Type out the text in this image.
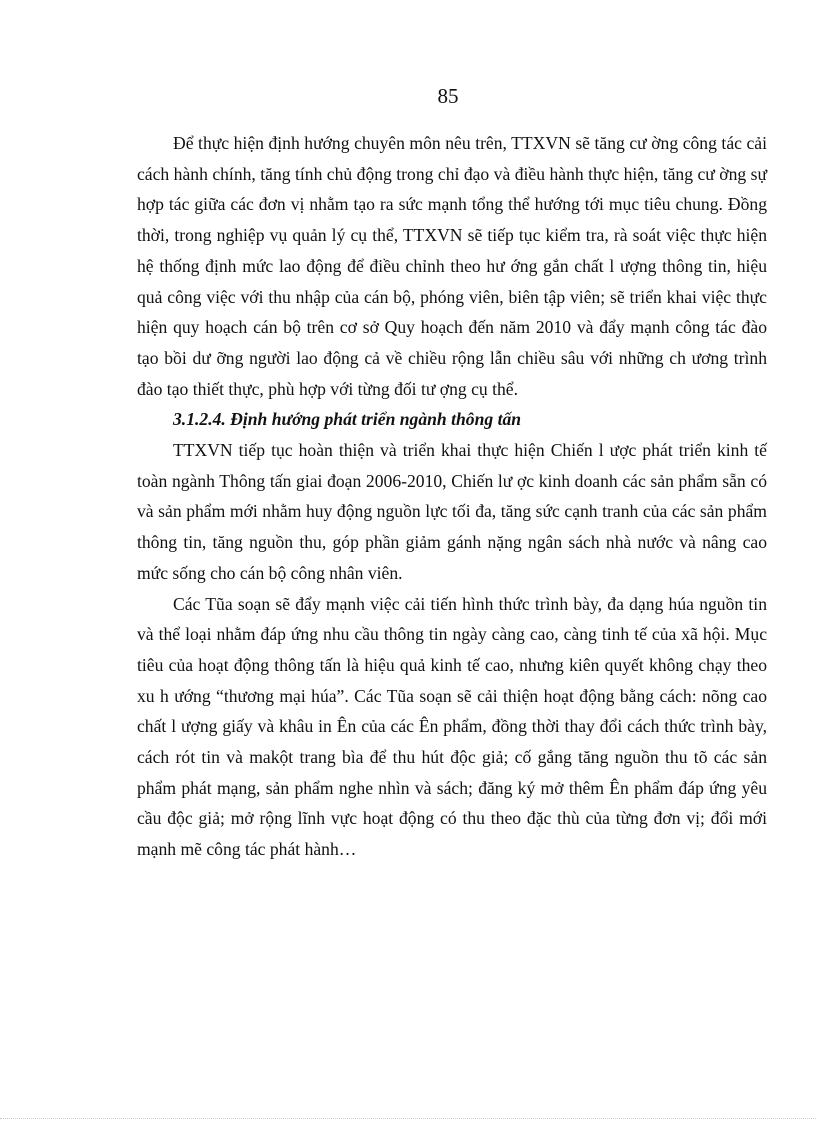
85

Để thực hiện định hướng chuyên môn nêu trên, TTXVN sẽ tăng cư ờng công tác cải cách hành chính, tăng tính chủ động trong chỉ đạo và điều hành thực hiện, tăng cư ờng sự hợp tác giữa các đơn vị nhằm tạo ra sức mạnh tổng thể hướng tới mục tiêu chung. Đồng thời, trong nghiệp vụ quản lý cụ thể, TTXVN sẽ tiếp tục kiểm tra, rà soát việc thực hiện hệ thống định mức lao động để điều chỉnh theo hư ớng gắn chất l ượng thông tin, hiệu quả công việc với thu nhập của cán bộ, phóng viên, biên tập viên; sẽ triển khai việc thực hiện quy hoạch cán bộ trên cơ sở Quy hoạch đến năm 2010 và đẩy mạnh công tác đào tạo bồi dư ỡng người lao động cả về chiều rộng lẫn chiều sâu với những ch ương trình đào tạo thiết thực, phù hợp với từng đối tư ợng cụ thể.

3.1.2.4. Định hướng phát triển ngành thông tấn

TTXVN tiếp tục hoàn thiện và triển khai thực hiện Chiến l ược phát triển kinh tế toàn ngành Thông tấn giai đoạn 2006-2010, Chiến lư ợc kinh doanh các sản phẩm sẵn có và sản phẩm mới nhằm huy động nguồn lực tối đa, tăng sức cạnh tranh của các sản phẩm thông tin, tăng nguồn thu, góp phần giảm gánh nặng ngân sách nhà nước và nâng cao mức sống cho cán bộ công nhân viên.

Các Tũa soạn sẽ đẩy mạnh việc cải tiến hình thức trình bày, đa dạng húa nguồn tin và thể loại nhằm đáp ứng nhu cầu thông tin ngày càng cao, càng tinh tế của xã hội. Mục tiêu của hoạt động thông tấn là hiệu quả kinh tế cao, nhưng kiên quyết không chạy theo xu h ướng “thương mại húa”. Các Tũa soạn sẽ cải thiện hoạt động bằng cách: nõng cao chất l ượng giấy và khâu in Ên của các Ên phẩm, đồng thời thay đổi cách thức trình bày, cách rót tin và makột trang bìa để thu hút độc giả; cố gắng tăng nguồn thu tõ các sản phẩm phát mạng, sản phẩm nghe nhìn và sách; đăng ký mở thêm Ên phẩm đáp ứng yêu cầu độc giả; mở rộng lĩnh vực hoạt động có thu theo đặc thù của từng đơn vị; đổi mới mạnh mẽ công tác phát hành…
